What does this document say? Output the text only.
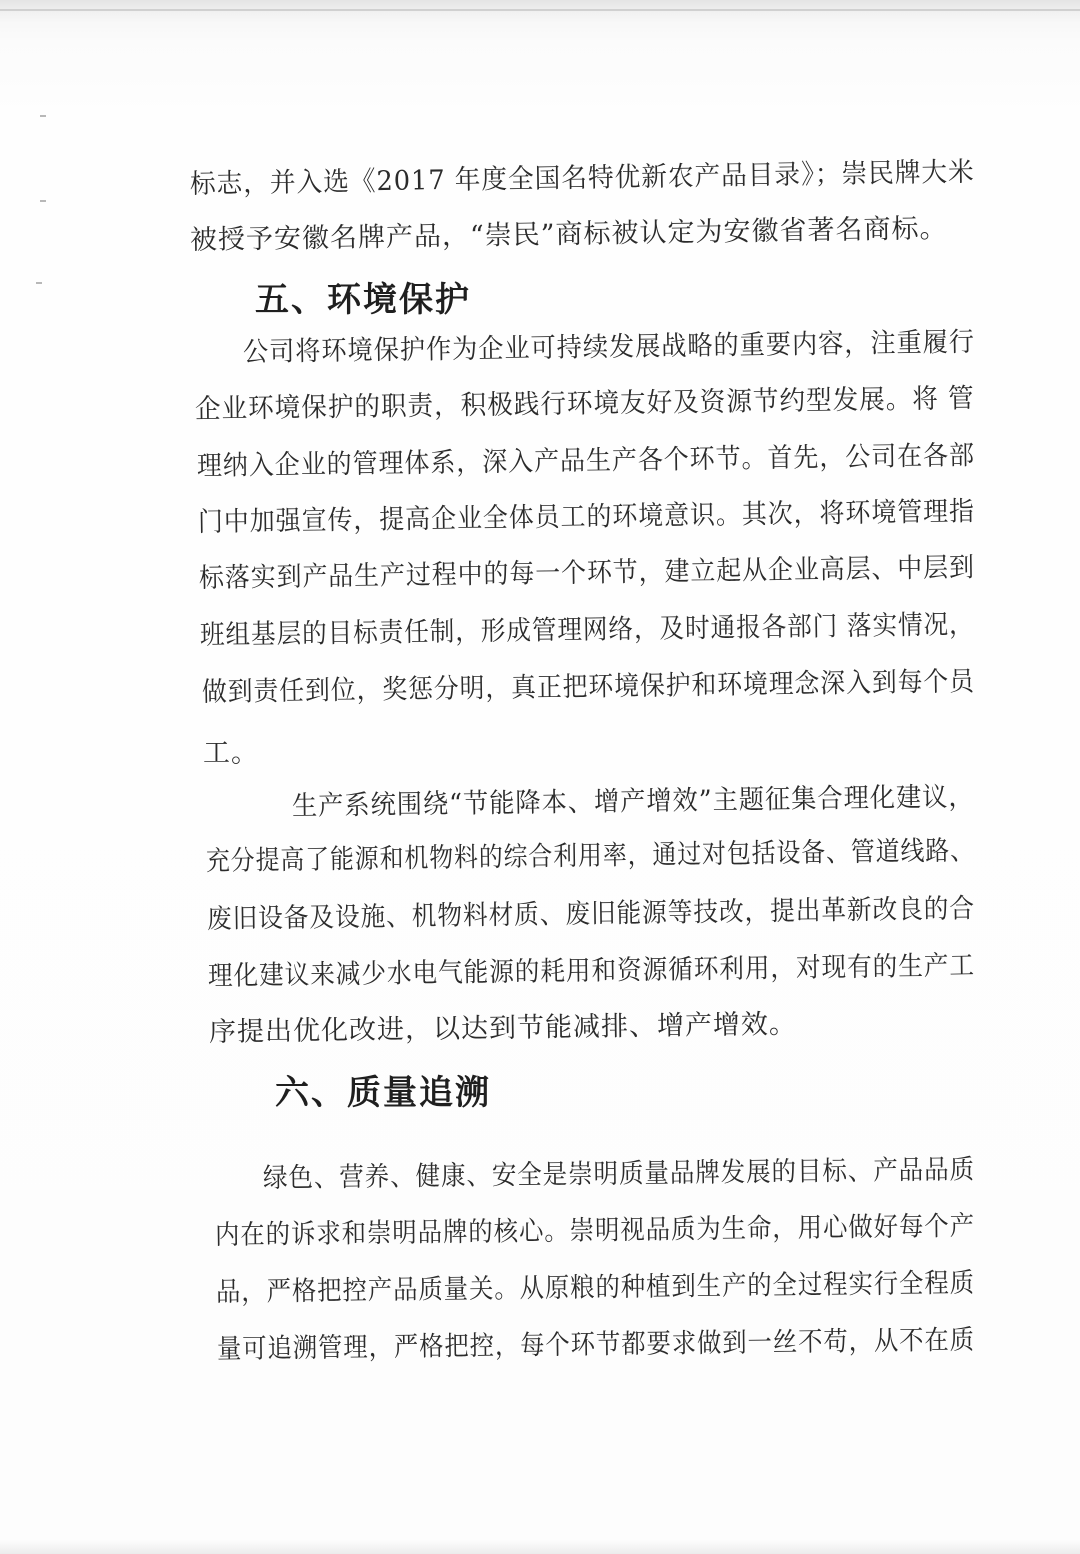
标志，并入选《2017 年度全国名特优新农产品目录》；崇民牌大米
被授予安徽名牌产品，“崇民”商标被认定为安徽省著名商标。
五、环境保护
公司将环境保护作为企业可持续发展战略的重要内容，注重履行
企业环境保护的职责，积极践行环境友好及资源节约型发展。将 管
理纳入企业的管理体系，深入产品生产各个环节。首先，公司在各部
门中加强宣传，提高企业全体员工的环境意识。其次，将环境管理指
标落实到产品生产过程中的每一个环节，建立起从企业高层、中层到
班组基层的目标责任制，形成管理网络，及时通报各部门 落实情况，
做到责任到位，奖惩分明，真正把环境保护和环境理念深入到每个员
工。
生产系统围绕“节能降本、增产增效”主题征集合理化建议，
充分提高了能源和机物料的综合利用率，通过对包括设备、管道线路、
废旧设备及设施、机物料材质、废旧能源等技改，提出革新改良的合
理化建议来减少水电气能源的耗用和资源循环利用，对现有的生产工
序提出优化改进，以达到节能减排、增产增效。
六、质量追溯
绿色、营养、健康、安全是崇明质量品牌发展的目标、产品品质
内在的诉求和崇明品牌的核心。崇明视品质为生命，用心做好每个产
品，严格把控产品质量关。从原粮的种植到生产的全过程实行全程质
量可追溯管理，严格把控，每个环节都要求做到一丝不苟，从不在质
